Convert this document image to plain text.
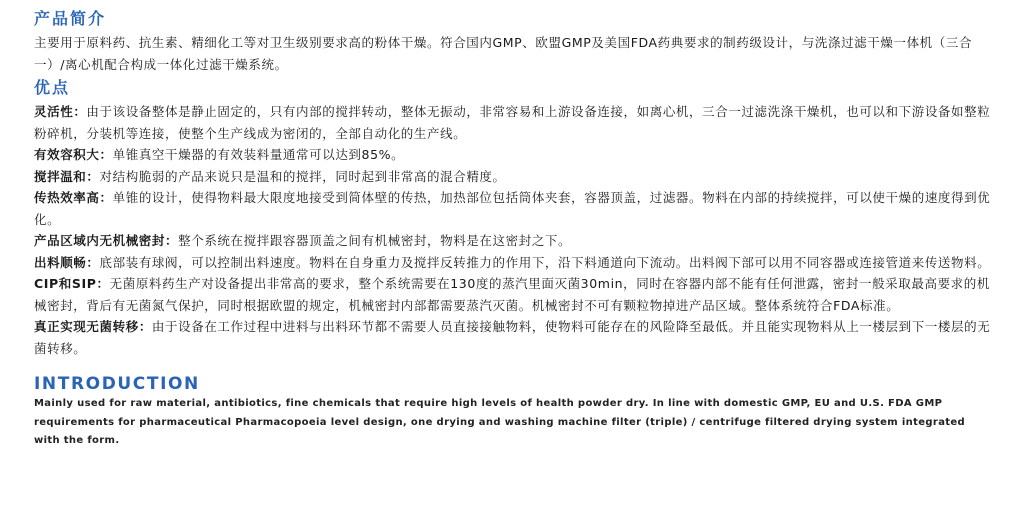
产品简介

主要用于原料药、抗生素、精细化工等对卫生级别要求高的粉体干燥。符合国内GMP、欧盟GMP及美国FDA药典要求的制药级设计，与洗涤过滤干燥一体机（三合一）/离心机配合构成一体化过滤干燥系统。

优点

灵活性：由于该设备整体是静止固定的，只有内部的搅拌转动，整体无振动，非常容易和上游设备连接，如离心机，三合一过滤洗涤干燥机，也可以和下游设备如整粒粉碎机，分装机等连接，使整个生产线成为密闭的，全部自动化的生产线。

有效容积大：单锥真空干燥器的有效装料量通常可以达到85%。

搅拌温和：对结构脆弱的产品来说只是温和的搅拌，同时起到非常高的混合精度。

传热效率高：单锥的设计，使得物料最大限度地接受到简体壁的传热，加热部位包括筒体夹套，容器顶盖，过滤器。物料在内部的持续搅拌，可以使干燥的速度得到优化。

产品区域内无机械密封：整个系统在搅拌跟容器顶盖之间有机械密封，物料是在这密封之下。

出料顺畅：底部装有球阀，可以控制出料速度。物料在自身重力及搅拌反转推力的作用下，沿下料通道向下流动。出料阀下部可以用不同容器或连接管道来传送物料。

CIP和SIP：无菌原料药生产对设备提出非常高的要求，整个系统需要在130度的蒸汽里面灭菌30min，同时在容器内部不能有任何泄露，密封一般采取最高要求的机械密封，背后有无菌氮气保护，同时根据欧盟的规定，机械密封内部都需要蒸汽灭菌。机械密封不可有颗粒物掉进产品区域。整体系统符合FDA标准。

真正实现无菌转移：由于设备在工作过程中进料与出料环节都不需要人员直接接触物料，使物料可能存在的风险降至最低。并且能实现物料从上一楼层到下一楼层的无菌转移。

INTRODUCTION

Mainly used for raw material, antibiotics, fine chemicals that require high levels of health powder dry. In line with domestic GMP, EU and U.S. FDA GMP requirements for pharmaceutical Pharmacopoeia level design, one drying and washing machine filter (triple) / centrifuge filtered drying system integrated with the form.
